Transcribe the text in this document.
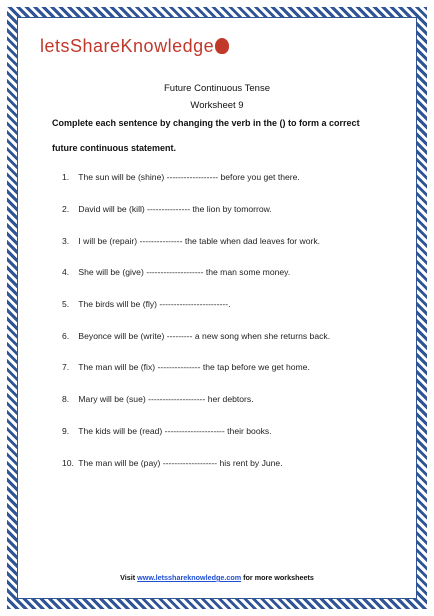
letsShareKnowledge
Future Continuous Tense
Worksheet 9
Complete each sentence by changing the verb in the () to form a correct
future continuous statement.
1. The sun will be (shine) ------------------ before you get there.
2. David will be (kill) --------------- the lion by tomorrow.
3. I will be (repair) --------------- the table when dad leaves for work.
4. She will be (give) -------------------- the man some money.
5. The birds will be (fly) ------------------------.
6. Beyonce will be (write) --------- a new song when she returns back.
7. The man will be (fix) --------------- the tap before we get home.
8. Mary will be (sue) -------------------- her debtors.
9. The kids will be (read) --------------------- their books.
10. The man will be (pay) ------------------- his rent by June.
Visit www.letsshareknowledge.com for more worksheets
